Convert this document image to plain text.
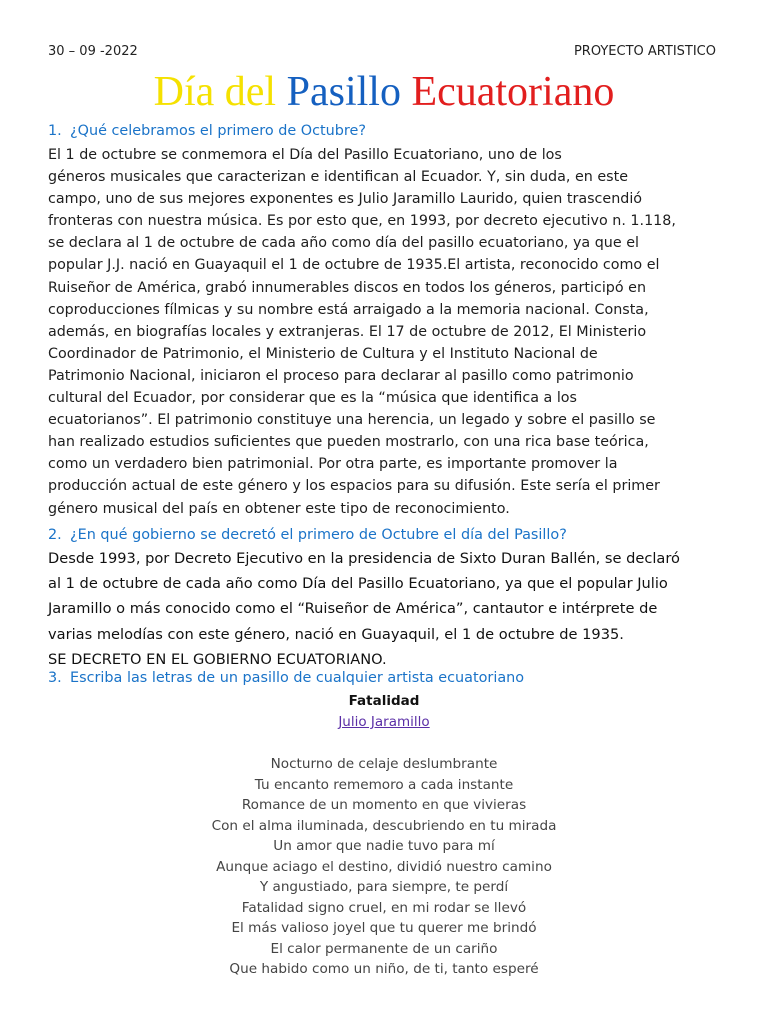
30 – 09 -2022	PROYECTO ARTISTICO
Día del Pasillo Ecuatoriano
1. ¿Qué celebramos el primero de Octubre?
El 1 de octubre se conmemora el Día del Pasillo Ecuatoriano, uno de los
géneros musicales que caracterizan e identifican al Ecuador. Y, sin duda, en este
campo, uno de sus mejores exponentes es Julio Jaramillo Laurido, quien trascendió
fronteras con nuestra música. Es por esto que, en 1993, por decreto ejecutivo n. 1.118,
se declara al 1 de octubre de cada año como día del pasillo ecuatoriano, ya que el
popular J.J. nació en Guayaquil el 1 de octubre de 1935.El artista, reconocido como el
Ruiseñor de América, grabó innumerables discos en todos los géneros, participó en
coproducciones fílmicas y su nombre está arraigado a la memoria nacional. Consta,
además, en biografías locales y extranjeras. El 17 de octubre de 2012, El Ministerio
Coordinador de Patrimonio, el Ministerio de Cultura y el Instituto Nacional de
Patrimonio Nacional, iniciaron el proceso para declarar al pasillo como patrimonio
cultural del Ecuador, por considerar que es la “música que identifica a los
ecuatorianos”. El patrimonio constituye una herencia, un legado y sobre el pasillo se
han realizado estudios suficientes que pueden mostrarlo, con una rica base teórica,
como un verdadero bien patrimonial. Por otra parte, es importante promover la
producción actual de este género y los espacios para su difusión. Este sería el primer
género musical del país en obtener este tipo de reconocimiento.
2. ¿En qué gobierno se decretó el primero de Octubre el día del Pasillo?
Desde 1993, por Decreto Ejecutivo en la presidencia de Sixto Duran Ballén, se declaró
al 1 de octubre de cada año como Día del Pasillo Ecuatoriano, ya que el popular Julio
Jaramillo o más conocido como el “Ruiseñor de América”, cantautor e intérprete de
varias melodías con este género, nació en Guayaquil, el 1 de octubre de 1935.
SE DECRETO EN EL GOBIERNO ECUATORIANO.
3. Escriba las letras de un pasillo de cualquier artista ecuatoriano
Fatalidad
Julio Jaramillo
Nocturno de celaje deslumbrante
Tu encanto rememoro a cada instante
Romance de un momento en que vivieras
Con el alma iluminada, descubriendo en tu mirada
Un amor que nadie tuvo para mí
Aunque aciago el destino, dividió nuestro camino
Y angustiado, para siempre, te perdí
Fatalidad signo cruel, en mi rodar se llevó
El más valioso joyel que tu querer me brindó
El calor permanente de un cariño
Que habido como un niño, de ti, tanto esperé
